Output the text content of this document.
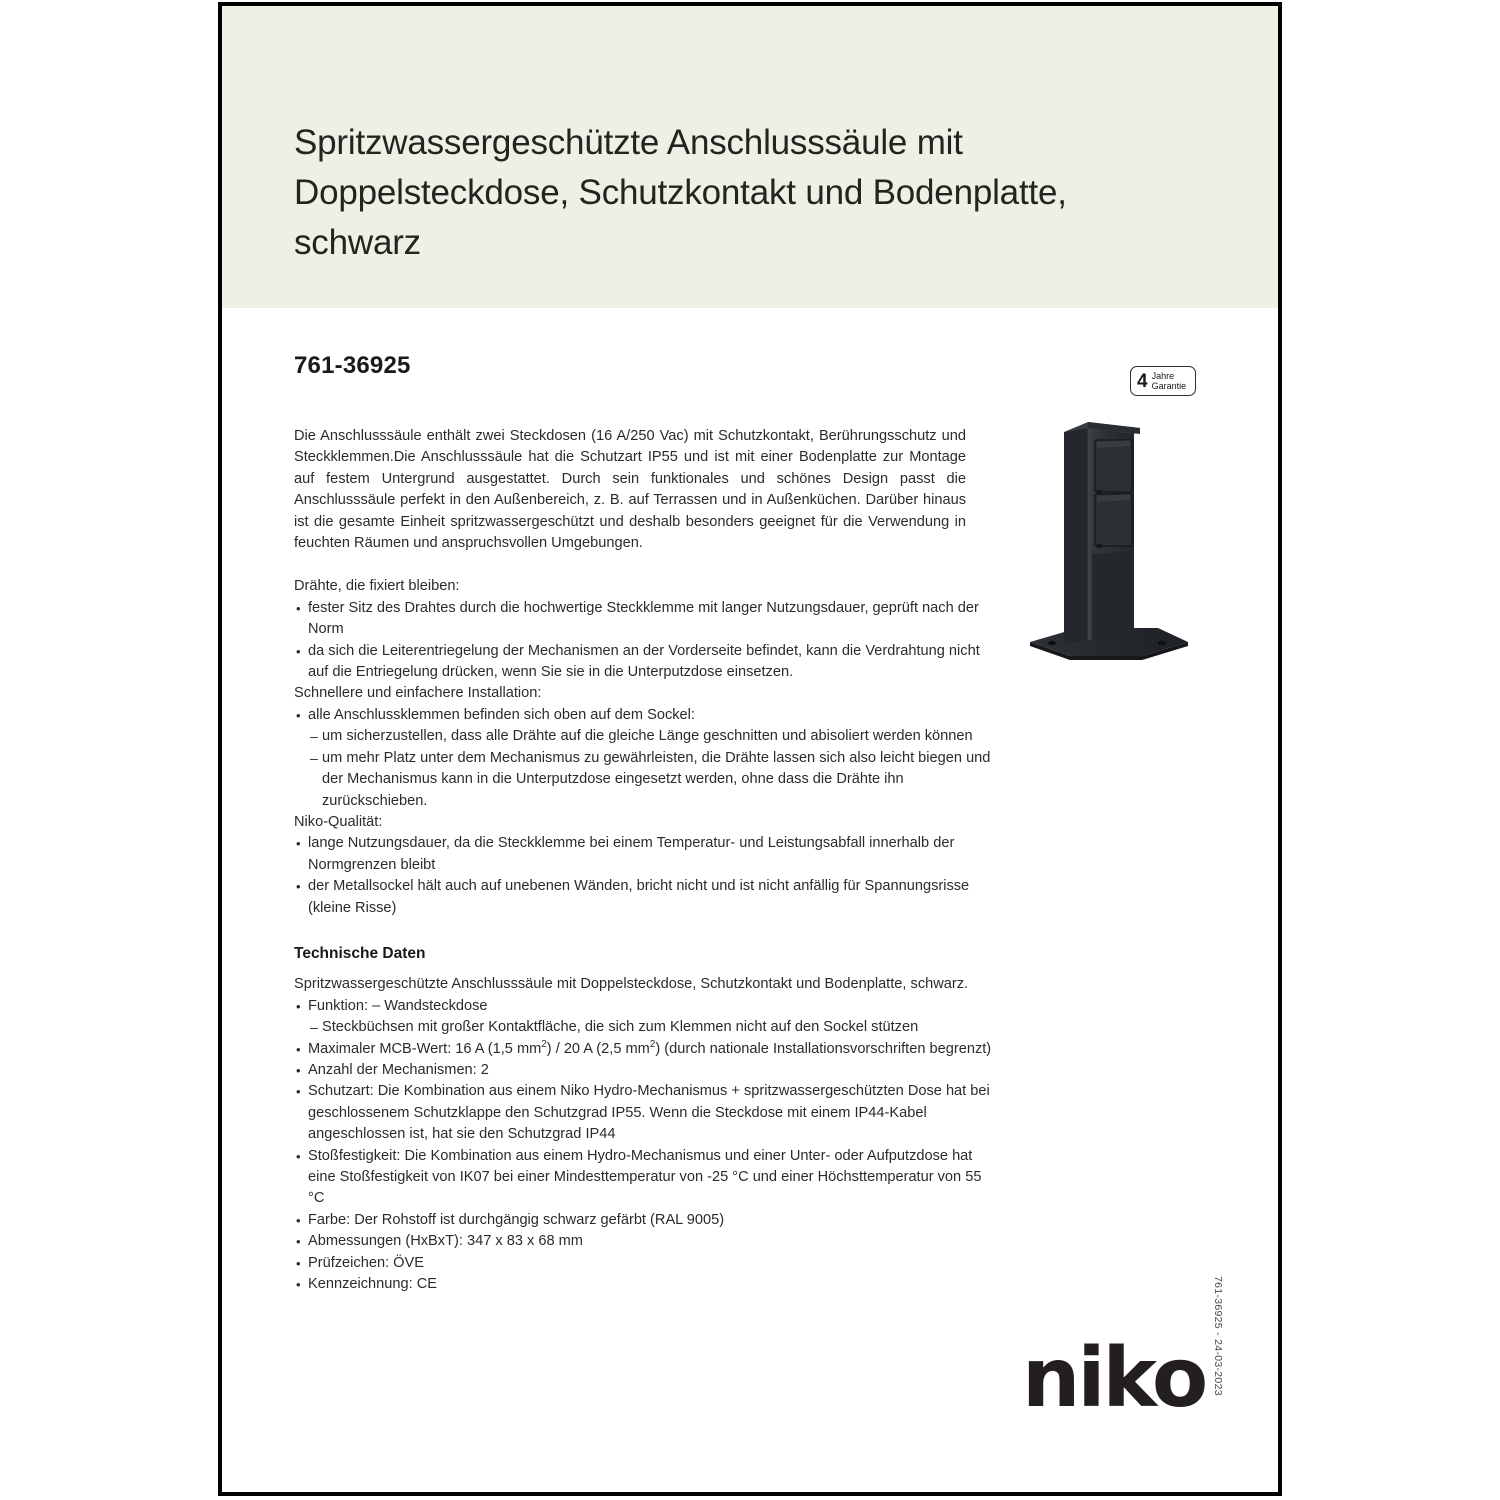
Spritzwassergeschützte Anschlusssäule mit Doppelsteckdose, Schutzkontakt und Bodenplatte, schwarz
761-36925
4 Jahre
Garantie

Die Anschlusssäule enthält zwei Steckdosen (16 A/250 Vac) mit Schutzkontakt, Berührungsschutz und Steckklemmen.Die Anschlusssäule hat die Schutzart IP55 und ist mit einer Bodenplatte zur Montage auf festem Untergrund ausgestattet. Durch sein funktionales und schönes Design passt die Anschlusssäule perfekt in den Außenbereich, z. B. auf Terrassen und in Außenküchen. Darüber hinaus ist die gesamte Einheit spritzwassergeschützt und deshalb besonders geeignet für die Verwendung in feuchten Räumen und anspruchsvollen Umgebungen.

Drähte, die fixiert bleiben:

• fester Sitz des Drahtes durch die hochwertige Steckklemme mit langer Nutzungsdauer, geprüft nach der Norm
• da sich die Leiterentriegelung der Mechanismen an der Vorderseite befindet, kann die Verdrahtung nicht auf die Entriegelung drücken, wenn Sie sie in die Unterputzdose einsetzen.

Schnellere und einfachere Installation:

• alle Anschlussklemmen befinden sich oben auf dem Sockel:
– um sicherzustellen, dass alle Drähte auf die gleiche Länge geschnitten und abisoliert werden können
– um mehr Platz unter dem Mechanismus zu gewährleisten, die Drähte lassen sich also leicht biegen und der Mechanismus kann in die Unterputzdose eingesetzt werden, ohne dass die Drähte ihn zurückschieben.

Niko-Qualität:

• lange Nutzungsdauer, da die Steckklemme bei einem Temperatur- und Leistungsabfall innerhalb der Normgrenzen bleibt
• der Metallsockel hält auch auf unebenen Wänden, bricht nicht und ist nicht anfällig für Spannungsrisse (kleine Risse)
Technische Daten

Spritzwassergeschützte Anschlusssäule mit Doppelsteckdose, Schutzkontakt und Bodenplatte, schwarz.

• Funktion: – Wandsteckdose
– Steckbüchsen mit großer Kontaktfläche, die sich zum Klemmen nicht auf den Sockel stützen
• Maximaler MCB-Wert: 16 A (1,5 $mm^2) / 20$ A (2,5 $mm^2$) (durch nationale Installationsvorschriften begrenzt)
• Anzahl der Mechanismen: 2
• Schutzart: Die Kombination aus einem Niko Hydro-Mechanismus + spritzwassergeschützten Dose hat bei geschlossenem Schutzklappe den Schutzgrad IP55. Wenn die Steckdose mit einem IP44-Kabel angeschlossen ist, hat sie den Schutzgrad IP44
• Stoßfestigkeit: Die Kombination aus einem Hydro-Mechanismus und einer Unter- oder Aufputzdose hat eine Stoßfestigkeit von IK07 bei einer Mindesttemperatur von -25 °C und einer Höchsttemperatur von 55 °C
• Farbe: Der Rohstoff ist durchgängig schwarz gefärbt (RAL 9005)
• Abmessungen (HxBxT): 347 x 83 x 68 mm
• Prüfzeichen: ÖVE
• Kennzeichnung: CE
niko 761-36925 - 24-03-2023
